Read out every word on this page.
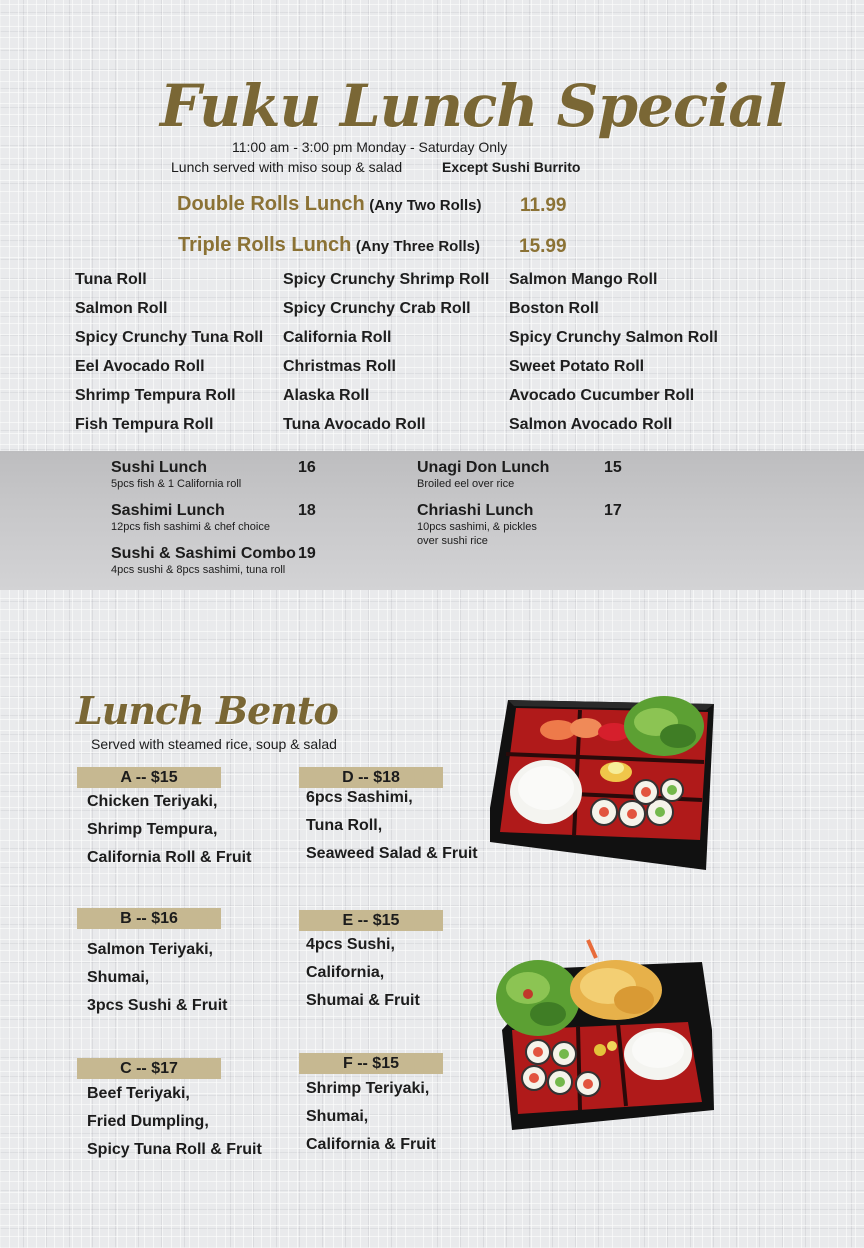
Fuku Lunch Special
11:00 am - 3:00 pm Monday - Saturday Only
Lunch served with miso soup & salad	Except Sushi Burrito
Double Rolls Lunch (Any Two Rolls) 11.99
Triple Rolls Lunch (Any Three Rolls) 15.99
Tuna Roll
Salmon Roll
Spicy Crunchy Tuna Roll
Eel Avocado Roll
Shrimp Tempura Roll
Fish Tempura Roll
Spicy Crunchy Shrimp Roll
Spicy Crunchy Crab Roll
California Roll
Christmas Roll
Alaska Roll
Tuna Avocado Roll
Salmon Mango Roll
Boston Roll
Spicy Crunchy Salmon Roll
Sweet Potato Roll
Avocado Cucumber Roll
Salmon Avocado Roll
Sushi Lunch
5pcs fish & 1 California roll
16
Sashimi Lunch
12pcs fish sashimi & chef choice
18
Sushi & Sashimi Combo
4pcs sushi & 8pcs sashimi, tuna roll
19
Unagi Don Lunch
Broiled eel over rice
15
Chriashi Lunch
10pcs sashimi, & pickles
over sushi rice
17
Lunch Bento
Served with steamed rice, soup & salad
A -- $15
Chicken Teriyaki,
Shrimp Tempura,
California Roll & Fruit
B -- $16
Salmon Teriyaki,
Shumai,
3pcs Sushi & Fruit
C -- $17
Beef Teriyaki,
Fried Dumpling,
Spicy Tuna Roll & Fruit
D -- $18
6pcs Sashimi,
Tuna Roll,
Seaweed Salad & Fruit
E -- $15
4pcs Sushi,
California,
Shumai & Fruit
F -- $15
Shrimp Teriyaki,
Shumai,
California & Fruit
